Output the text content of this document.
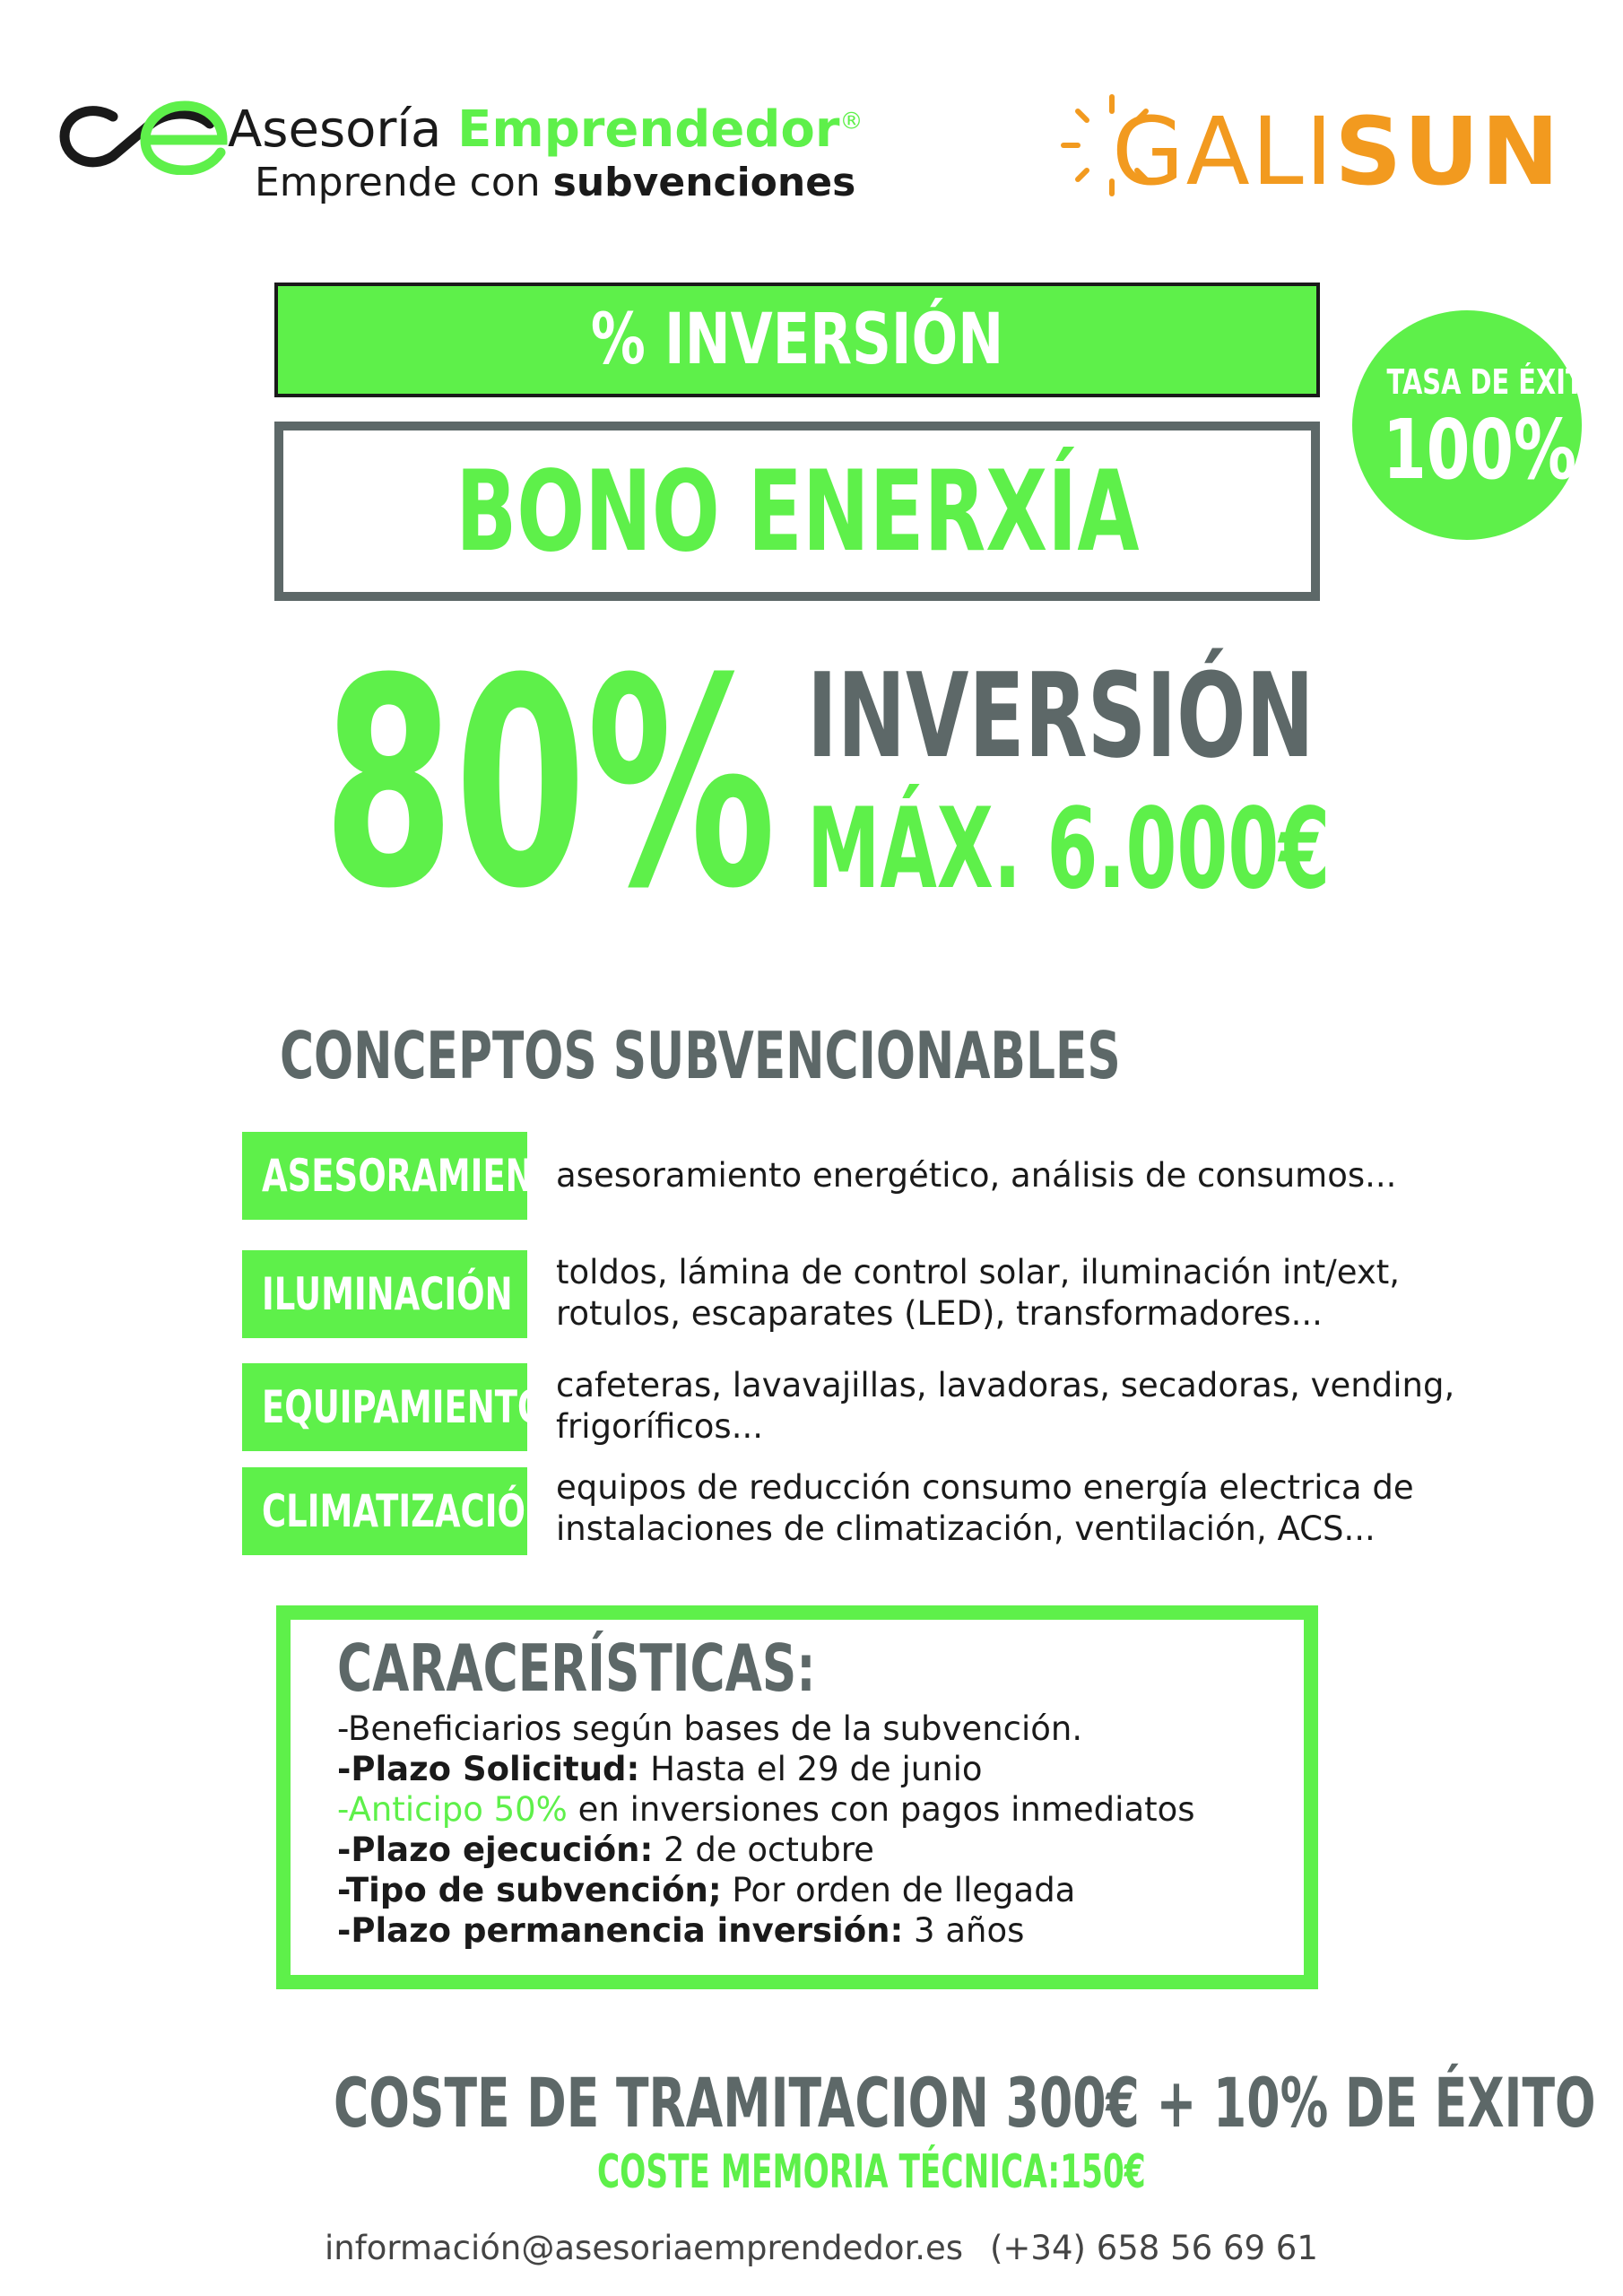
Asesoría Emprendedor®
Emprende con subvenciones	GALISUN
% INVERSIÓN
BONO ENERXÍA
TASA DE ÉXITO
100%
80% INVERSIÓN
MÁX. 6.000€
CONCEPTOS SUBVENCIONABLES
ASESORAMIENTO
asesoramiento energético, análisis de consumos...
ILUMINACIÓN	toldos, lámina de control solar, iluminación int/ext,
rotulos, escaparates (LED), transformadores...
EQUIPAMIENTO cafeteras, lavavajillas, lavadoras, secadoras, vending,
frigoríficos...
CLIMATIZACIÓN equipos de reducción consumo energía electrica de
instalaciones de climatización, ventilación, ACS...
CARACERÍSTICAS:
-Beneficiarios según bases de la subvención.
-Plazo Solicitud: Hasta el 29 de junio
-Anticipo 50% en inversiones con pagos inmediatos
-Plazo ejecución: 2 de octubre
-Tipo de subvención; Por orden de llegada
-Plazo permanencia inversión: 3 años
COSTE DE TRAMITACION 300€ + 10% DE ÉXITO
COSTE MEMORIA TÉCNICA:150€
información@asesoriaemprendedor.es (+34) 658 56 69 61
